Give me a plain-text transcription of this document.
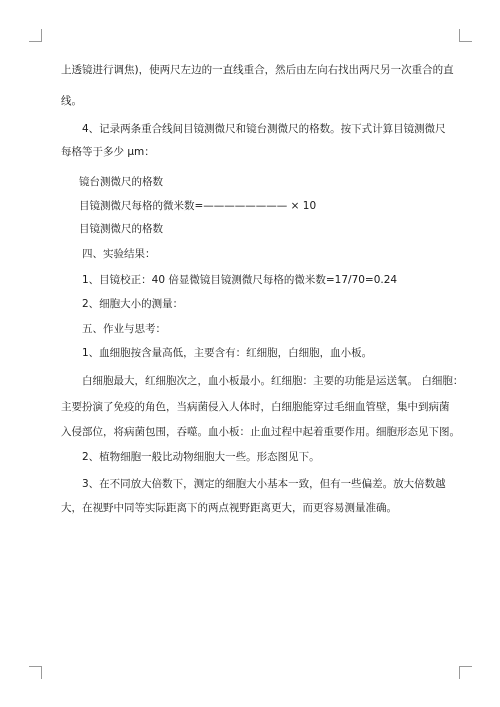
上透镜进行调焦)，使两尺左边的一直线重合，然后由左向右找出两尺另一次重合的直
线。
4、记录两条重合线间目镜测微尺和镜台测微尺的格数。按下式计算目镜测微尺
每格等于多少 μm：
镜台测微尺的格数
目镜测微尺每格的微米数=———————— × 10
目镜测微尺的格数
四、实验结果：
1、目镜校正：40 倍显微镜目镜测微尺每格的微米数=17/70=0.24
2、细胞大小的测量：
五、作业与思考：
1、血细胞按含量高低，主要含有：红细胞，白细胞，血小板。
白细胞最大，红细胞次之，血小板最小。红细胞：主要的功能是运送氧。 白细胞：
主要扮演了免疫的角色，当病菌侵入人体时，白细胞能穿过毛细血管壁，集中到病菌
入侵部位，将病菌包围，吞噬。血小板：止血过程中起着重要作用。细胞形态见下图。
2、植物细胞一般比动物细胞大一些。形态图见下。
3、在不同放大倍数下，测定的细胞大小基本一致，但有一些偏差。放大倍数越
大，在视野中同等实际距离下的两点视野距离更大，而更容易测量准确。
